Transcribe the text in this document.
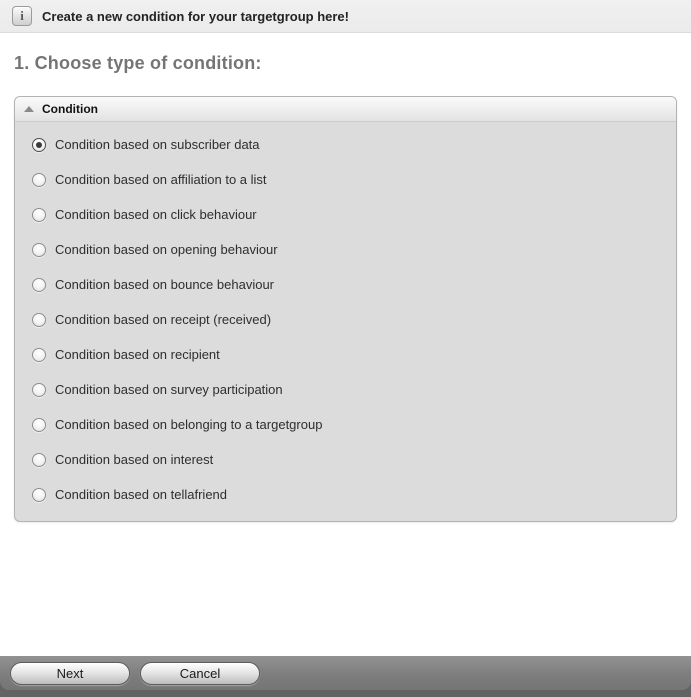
i	Create a new condition for your targetgroup here!
1. Choose type of condition:
Condition
Condition based on subscriber data
Condition based on affiliation to a list
Condition based on click behaviour
Condition based on opening behaviour
Condition based on bounce behaviour
Condition based on receipt (received)
Condition based on recipient
Condition based on survey participation
Condition based on belonging to a targetgroup
Condition based on interest
Condition based on tellafriend
Next	Cancel
